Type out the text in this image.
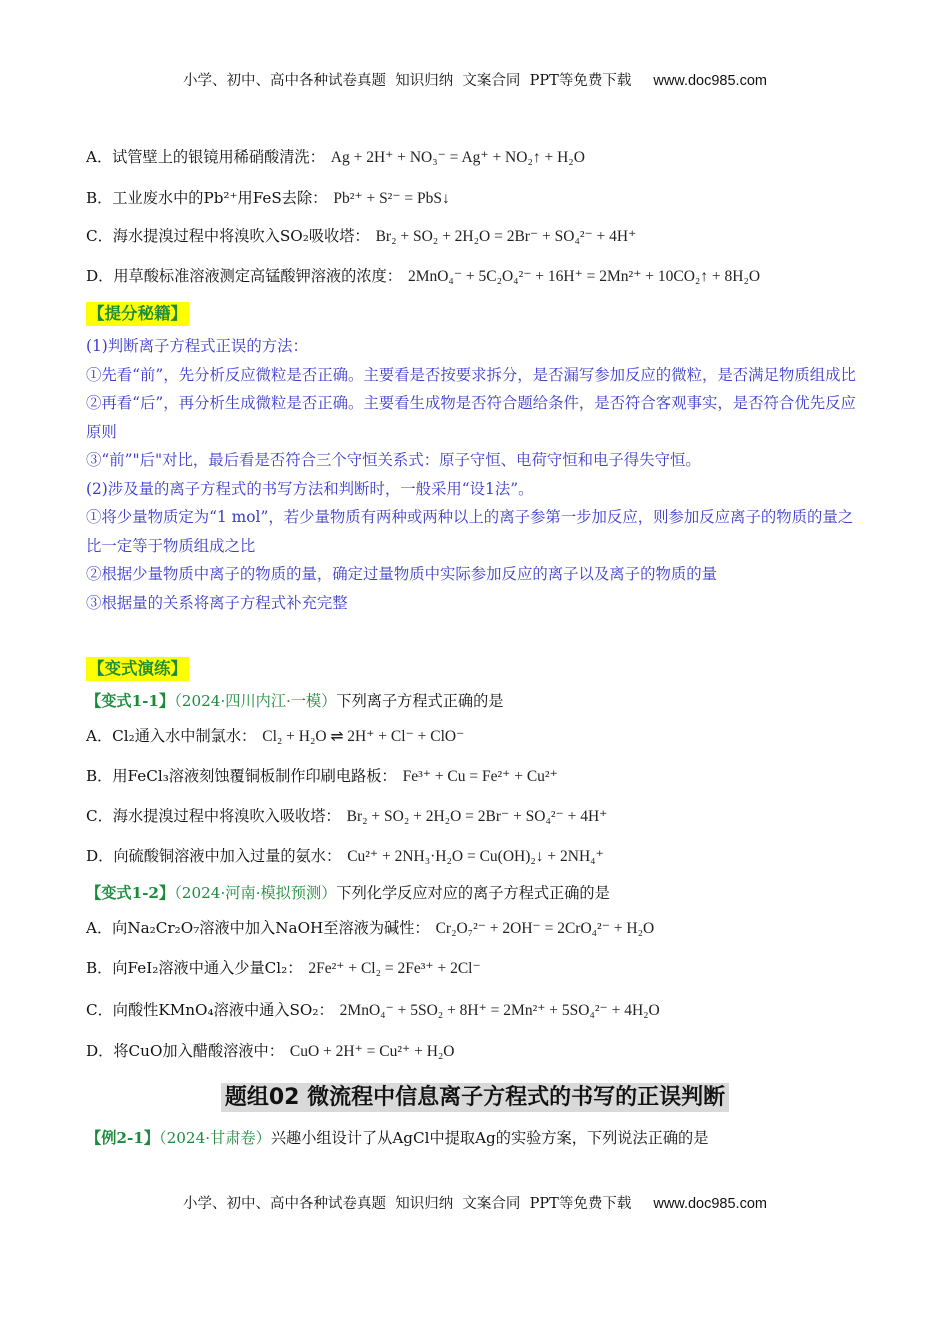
小学、初中、高中各种试卷真题  知识归纳  文案合同  PPT等免费下载 www.doc985.com
A．试管壁上的银镜用稀硝酸清洗： Ag + 2H⁺ + NO₃⁻ = Ag⁺ + NO₂↑ + H₂O
B．工业废水中的Pb²⁺用FeS去除： Pb²⁺ + S²⁻ = PbS↓
C．海水提溴过程中将溴吹入SO₂吸收塔： Br₂ + SO₂ + 2H₂O = 2Br⁻ + SO₄²⁻ + 4H⁺
D．用草酸标准溶液测定高锰酸钾溶液的浓度： 2MnO₄⁻ + 5C₂O₄²⁻ + 16H⁺ = 2Mn²⁺ + 10CO₂↑ + 8H₂O
【提分秘籍】

(1)判断离子方程式正误的方法：

①先看“前”，先分析反应微粒是否正确。主要看是否按要求拆分，是否漏写参加反应的微粒，是否满足物质组成比

②再看“后”，再分析生成微粒是否正确。主要看生成物是否符合题给条件，是否符合客观事实，是否符合优先反应原则

③“前”"后"对比，最后看是否符合三个守恒关系式：原子守恒、电荷守恒和电子得失守恒。

(2)涉及量的离子方程式的书写方法和判断时，一般采用“设1法”。

①将少量物质定为“1 mol”，若少量物质有两种或两种以上的离子参第一步加反应，则参加反应离子的物质的量之比一定等于物质组成之比

②根据少量物质中离子的物质的量，确定过量物质中实际参加反应的离子以及离子的物质的量

③根据量的关系将离子方程式补充完整

【变式演练】
【变式1-1】（2024·四川内江·一模）下列离子方程式正确的是
A．Cl₂通入水中制氯水： Cl₂ + H₂O ⇌ 2H⁺ + Cl⁻ + ClO⁻
B．用FeCl₃溶液刻蚀覆铜板制作印刷电路板： Fe³⁺ + Cu = Fe²⁺ + Cu²⁺
C．海水提溴过程中将溴吹入吸收塔： Br₂ + SO₂ + 2H₂O = 2Br⁻ + SO₄²⁻ + 4H⁺
D．向硫酸铜溶液中加入过量的氨水： Cu²⁺ + 2NH₃·H₂O = Cu(OH)₂↓ + 2NH₄⁺
【变式1-2】（2024·河南·模拟预测）下列化学反应对应的离子方程式正确的是
A．向Na₂Cr₂O₇溶液中加入NaOH至溶液为碱性： Cr₂O₇²⁻ + 2OH⁻ = 2CrO₄²⁻ + H₂O
B．向FeI₂溶液中通入少量Cl₂： 2Fe²⁺ + Cl₂ = 2Fe³⁺ + 2Cl⁻
C．向酸性KMnO₄溶液中通入SO₂： 2MnO₄⁻ + 5SO₂ + 8H⁺ = 2Mn²⁺ + 5SO₄²⁻ + 4H₂O
D．将CuO加入醋酸溶液中： CuO + 2H⁺ = Cu²⁺ + H₂O
题组02 微流程中信息离子方程式的书写的正误判断
【例2-1】（2024·甘肃卷）兴趣小组设计了从AgCl中提取Ag的实验方案，下列说法正确的是
小学、初中、高中各种试卷真题  知识归纳  文案合同  PPT等免费下载 www.doc985.com
